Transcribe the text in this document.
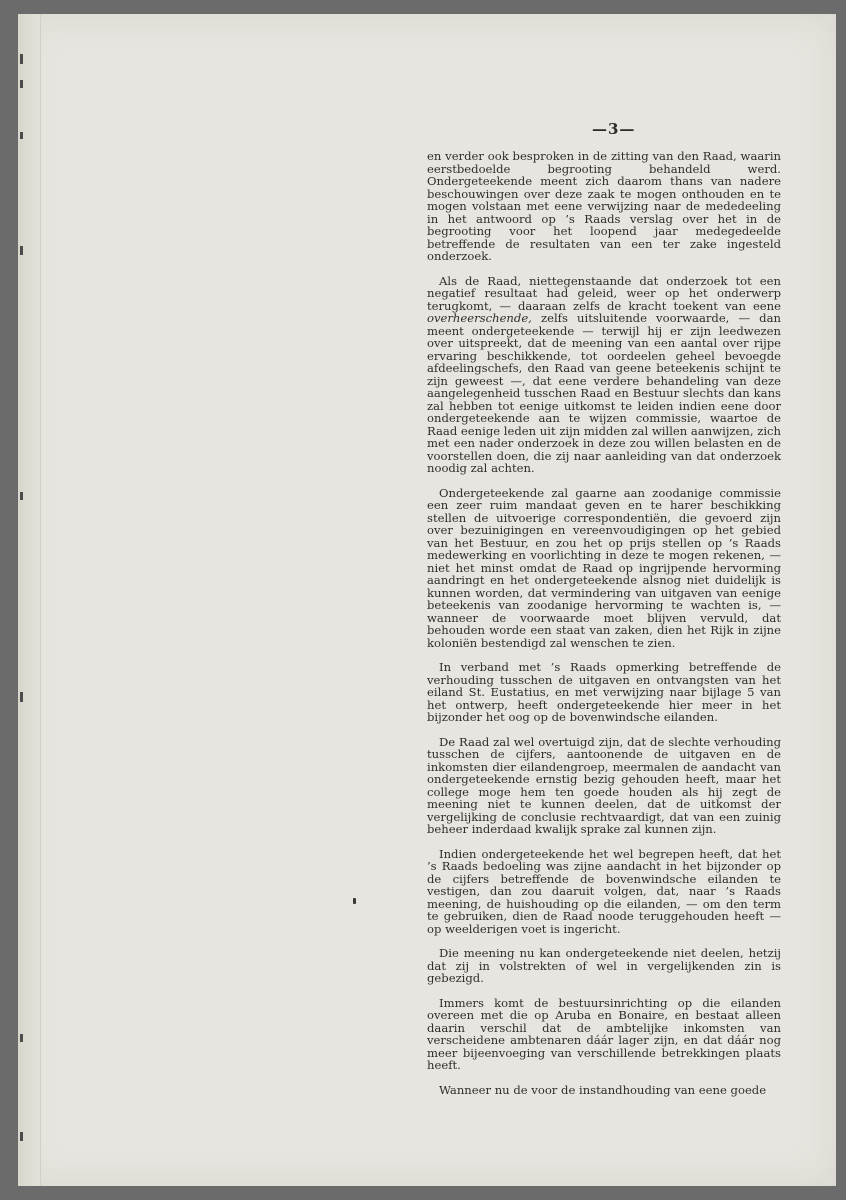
—3—

en verder ook besproken in de zitting van den Raad, waarin eerstbedoelde begrooting behandeld werd. Ondergeteekende meent zich daarom thans van nadere beschouwingen over deze zaak te mogen onthouden en te mogen volstaan met eene verwijzing naar de mededeeling in het antwoord op ’s Raads verslag over het in de begrooting voor het loopend jaar medegedeelde betreffende de resultaten van een ter zake ingesteld onderzoek.

Als de Raad, niettegenstaande dat onderzoek tot een negatief resultaat had geleid, weer op het onderwerp terugkomt, — daaraan zelfs de kracht toekent van eene overheerschende, zelfs uitsluitende voorwaarde, — dan meent ondergeteekende — terwijl hij er zijn leedwezen over uitspreekt, dat de meening van een aantal over rijpe ervaring beschikkende, tot oordeelen geheel bevoegde afdeelingschefs, den Raad van geene beteekenis schijnt te zijn geweest —, dat eene verdere behandeling van deze aangelegenheid tusschen Raad en Bestuur slechts dan kans zal hebben tot eenige uitkomst te leiden indien eene door ondergeteekende aan te wijzen commissie, waartoe de Raad eenige leden uit zijn midden zal willen aanwijzen, zich met een nader onderzoek in deze zou willen belasten en de voorstellen doen, die zij naar aanleiding van dat onderzoek noodig zal achten.

Ondergeteekende zal gaarne aan zoodanige commissie een zeer ruim mandaat geven en te harer beschikking stellen de uitvoerige correspondentiën, die gevoerd zijn over bezuinigingen en vereenvoudigingen op het gebied van het Bestuur, en zou het op prijs stellen op ’s Raads medewerking en voorlichting in deze te mogen rekenen, — niet het minst omdat de Raad op ingrijpende hervorming aandringt en het ondergeteekende alsnog niet duidelijk is kunnen worden, dat vermindering van uitgaven van eenige beteekenis van zoodanige hervorming te wachten is, — wanneer de voorwaarde moet blijven vervuld, dat behouden worde een staat van zaken, dien het Rijk in zijne koloniën bestendigd zal wenschen te zien.

In verband met ’s Raads opmerking betreffende de verhouding tusschen de uitgaven en ontvangsten van het eiland St. Eustatius, en met verwijzing naar bijlage 5 van het ontwerp, heeft ondergeteekende hier meer in het bijzonder het oog op de bovenwindsche eilanden.

De Raad zal wel overtuigd zijn, dat de slechte verhouding tusschen de cijfers, aantoonende de uitgaven en de inkomsten dier eilandengroep, meermalen de aandacht van ondergeteekende ernstig bezig gehouden heeft, maar het college moge hem ten goede houden als hij zegt de meening niet te kunnen deelen, dat de uitkomst der vergelijking de conclusie rechtvaardigt, dat van een zuinig beheer inderdaad kwalijk sprake zal kunnen zijn.

Indien ondergeteekende het wel begrepen heeft, dat het ’s Raads bedoeling was zijne aandacht in het bijzonder op de cijfers betreffende de bovenwindsche eilanden te vestigen, dan zou daaruit volgen, dat, naar ’s Raads meening, de huishouding op die eilanden, — om den term te gebruiken, dien de Raad noode teruggehouden heeft — op weelderigen voet is ingericht.

Die meening nu kan ondergeteekende niet deelen, hetzij dat zij in volstrekten of wel in vergelijkenden zin is gebezigd.

Immers komt de bestuursinrichting op die eilanden overeen met die op Aruba en Bonaire, en bestaat alleen daarin verschil dat de ambtelijke inkomsten van verscheidene ambtenaren dáár lager zijn, en dat dáár nog meer bijeenvoeging van verschillende betrekkingen plaats heeft.

Wanneer nu de voor de instandhouding van eene goede
